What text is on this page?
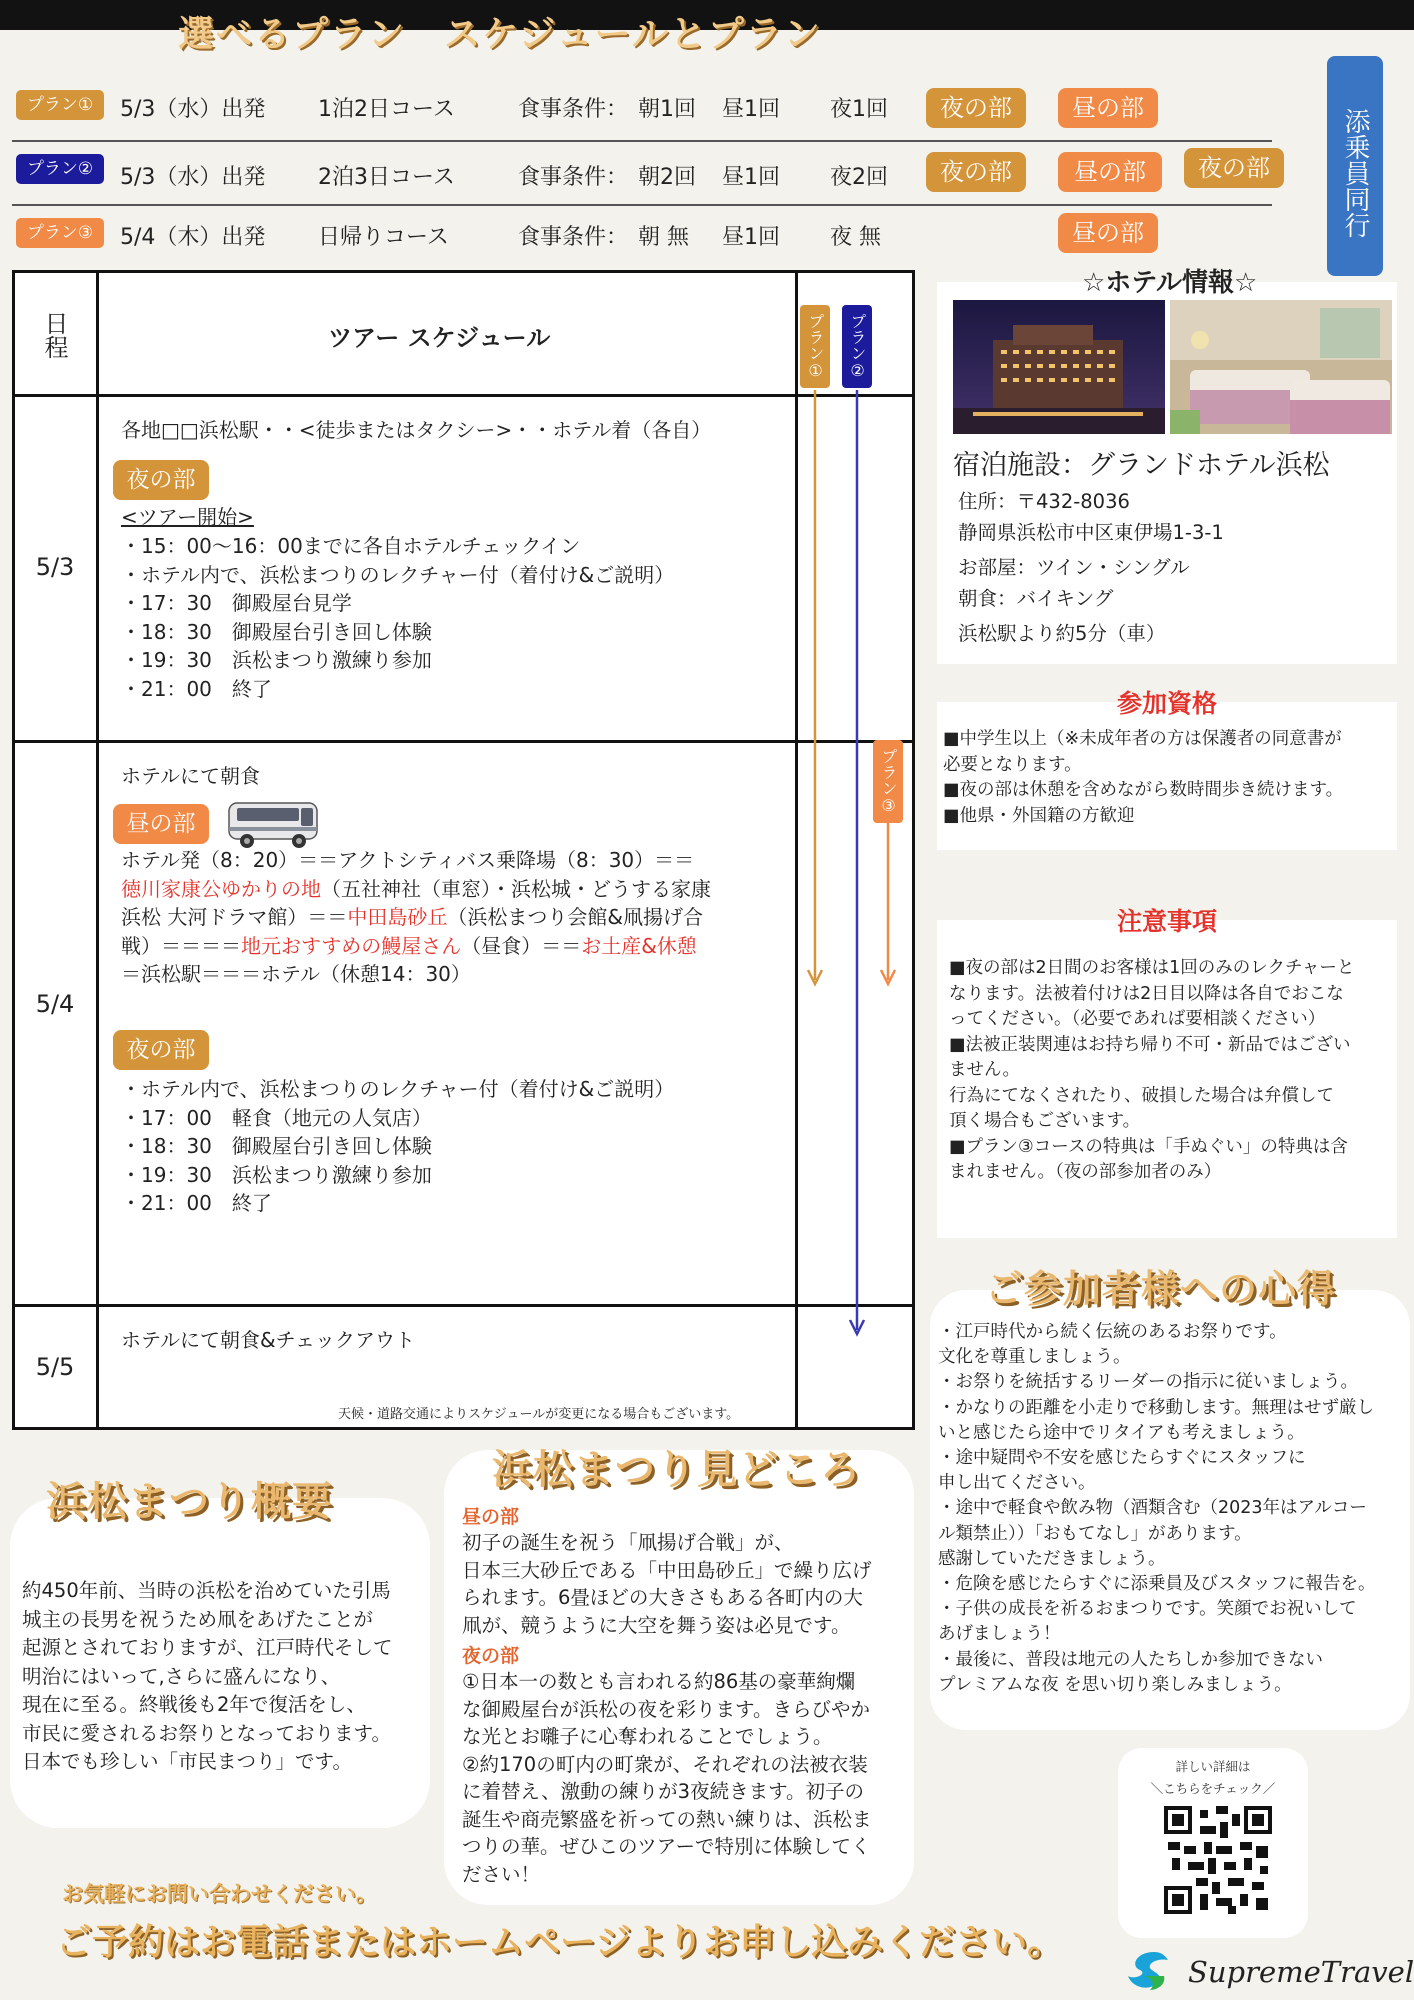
選べるプラン　スケジュールとプラン
プラン①	5/3（水）出発 1泊2日コース	食事条件： 朝1回 昼1回 夜1回	夜の部	昼の部
プラン②	5/3（水）出発 2泊3日コース	食事条件： 朝2回 昼1回 夜2回	夜の部	昼の部	夜の部
プラン③	5/4（木）出発 日帰りコース	食事条件： 朝 無 昼1回 夜 無	昼の部	添乗員同行
日程	ツアー スケジュール	プラン①	プラン②
プラン③
5/3
各地□□浜松駅・・<徒歩またはタクシー>・・ホテル着（各自）
夜の部
<ツアー開始>
・15：00〜16：00までに各自ホテルチェックイン
・ホテル内で、浜松まつりのレクチャー付（着付け&ご説明）
・17：30　御殿屋台見学
・18：30　御殿屋台引き回し体験
・19：30　浜松まつり激練り参加
・21：00　終了
5/4
ホテルにて朝食
昼の部
ホテル発（8：20）＝＝アクトシティバス乗降場（8：30）＝＝
徳川家康公ゆかりの地（五社神社（車窓）・浜松城・どうする家康
浜松 大河ドラマ館）＝＝中田島砂丘（浜松まつり会館&凧揚げ合
戦）＝＝＝＝地元おすすめの鰻屋さん（昼食）＝＝お土産&休憩
＝浜松駅＝＝＝ホテル（休憩14：30）
夜の部
・ホテル内で、浜松まつりのレクチャー付（着付け&ご説明）
・17：00　軽食（地元の人気店）
・18：30　御殿屋台引き回し体験
・19：30　浜松まつり激練り参加
・21：00　終了
5/5
ホテルにて朝食&チェックアウト
天候・道路交通によりスケジュールが変更になる場合もございます。
☆ホテル情報☆
宿泊施設：グランドホテル浜松
住所：〒432-8036
静岡県浜松市中区東伊場1-3-1
お部屋：ツイン・シングル
朝食：バイキング
浜松駅より約5分（車）
参加資格
■中学生以上（※未成年者の方は保護者の同意書が
必要となります。
■夜の部は休憩を含めながら数時間歩き続けます。
■他県・外国籍の方歓迎
注意事項
■夜の部は2日間のお客様は1回のみのレクチャーと
なります。法被着付けは2日目以降は各自でおこな
ってください。（必要であれば要相談ください）
■法被正装関連はお持ち帰り不可・新品ではござい
ません。
行為にてなくされたり、破損した場合は弁償して
頂く場合もございます。
■プラン③コースの特典は「手ぬぐい」の特典は含
まれません。（夜の部参加者のみ）
ご参加者様への心得
・江戸時代から続く伝統のあるお祭りです。
文化を尊重しましょう。
・お祭りを統括するリーダーの指示に従いましょう。
・かなりの距離を小走りで移動します。無理はせず厳し
いと感じたら途中でリタイアも考えましょう。
・途中疑問や不安を感じたらすぐにスタッフに
申し出てください。
・途中で軽食や飲み物（酒類含む（2023年はアルコー
ル類禁止））「おもてなし」があります。
感謝していただきましょう。
・危険を感じたらすぐに添乗員及びスタッフに報告を。
・子供の成長を祈るおまつりです。笑顔でお祝いして
あげましょう！
・最後に、普段は地元の人たちしか参加できない
プレミアムな夜 を思い切り楽しみましょう。
浜松まつり概要
約450年前、当時の浜松を治めていた引馬
城主の長男を祝うため凧をあげたことが
起源とされておりますが、江戸時代そして
明治にはいって,さらに盛んになり、
現在に至る。終戦後も2年で復活をし、
市民に愛されるお祭りとなっております。
日本でも珍しい「市民まつり」です。
浜松まつり見どころ
昼の部
初子の誕生を祝う「凧揚げ合戦」が、
日本三大砂丘である「中田島砂丘」で繰り広げ
られます。6畳ほどの大きさもある各町内の大
凧が、競うように大空を舞う姿は必見です。
夜の部
①日本一の数とも言われる約86基の豪華絢爛
な御殿屋台が浜松の夜を彩ります。きらびやか
な光とお囃子に心奪われることでしょう。
②約170の町内の町衆が、それぞれの法被衣装
に着替え、激動の練りが3夜続きます。初子の
誕生や商売繁盛を祈っての熱い練りは、浜松ま
つりの華。ぜひこのツアーで特別に体験してく
ださい！
詳しい詳細は
＼こちらをチェック／
お気軽にお問い合わせください。
ご予約はお電話またはホームページよりお申し込みください。
SupremeTravel
